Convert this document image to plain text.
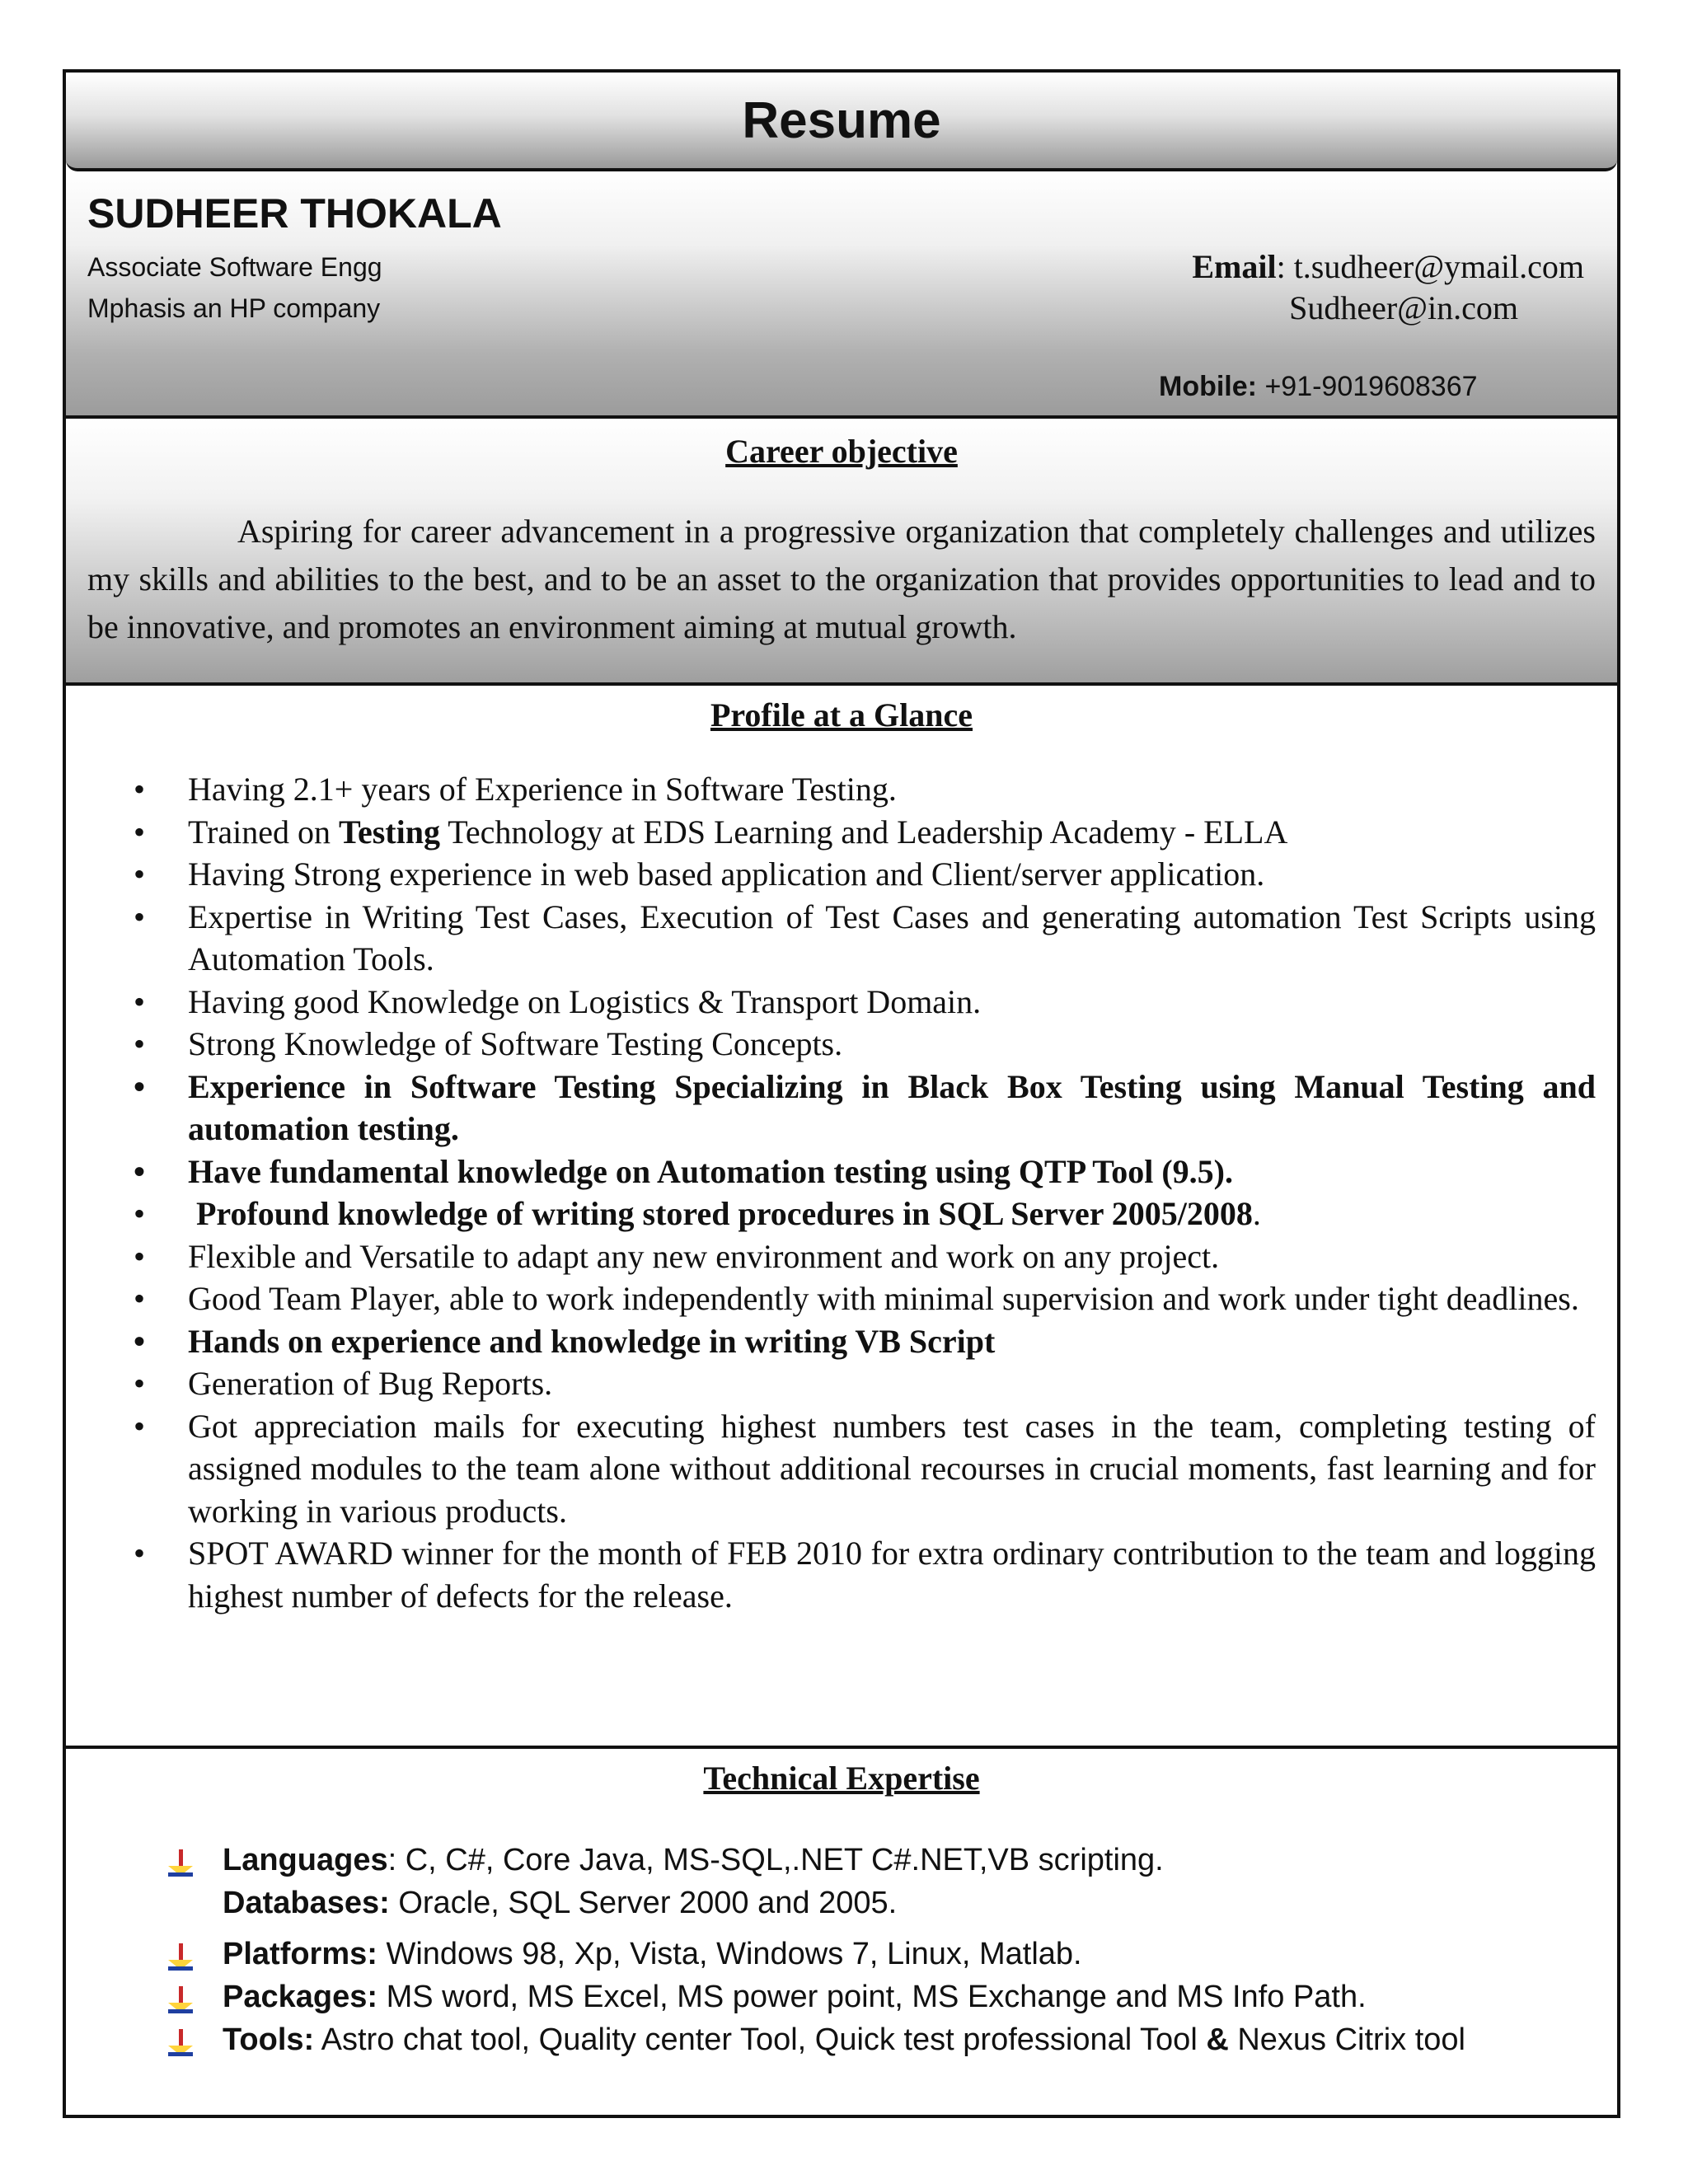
Resume
SUDHEER THOKALA
Associate Software Engg
Mphasis an HP company
Email: t.sudheer@ymail.com
Sudheer@in.com
Mobile: +91-9019608367
Career objective

Aspiring for career advancement in a progressive organization that completely challenges and utilizes my skills and abilities to the best, and to be an asset to the organization that provides opportunities to lead and to be innovative, and promotes an environment aiming at mutual growth.

Profile at a Glance
• Having 2.1+ years of Experience in Software Testing.
• Trained on Testing Technology at EDS Learning and Leadership Academy - ELLA
• Having Strong experience in web based application and Client/server application.
• Expertise in Writing Test Cases, Execution of Test Cases and generating automation Test Scripts using Automation Tools.
• Having good Knowledge on Logistics & Transport Domain.
• Strong Knowledge of Software Testing Concepts.
• Experience in Software Testing Specializing in Black Box Testing using Manual Testing and automation testing.
• Have fundamental knowledge on Automation testing using QTP Tool (9.5).
• Profound knowledge of writing stored procedures in SQL Server 2005/2008.
• Flexible and Versatile to adapt any new environment and work on any project.
• Good Team Player, able to work independently with minimal supervision and work under tight deadlines.
• Hands on experience and knowledge in writing VB Script
• Generation of Bug Reports.
• Got appreciation mails for executing highest numbers test cases in the team, completing testing of assigned modules to the team alone without additional recourses in crucial moments, fast learning and for working in various products.
• SPOT AWARD winner for the month of FEB 2010 for extra ordinary contribution to the team and logging highest number of defects for the release.
Technical Expertise
Languages: C, C#, Core Java, MS-SQL,.NET C#.NET,VB scripting.
Databases: Oracle, SQL Server 2000 and 2005.
Platforms: Windows 98, Xp, Vista, Windows 7, Linux, Matlab.
Packages: MS word, MS Excel, MS power point, MS Exchange and MS Info Path.
Tools: Astro chat tool, Quality center Tool, Quick test professional Tool & Nexus Citrix tool
